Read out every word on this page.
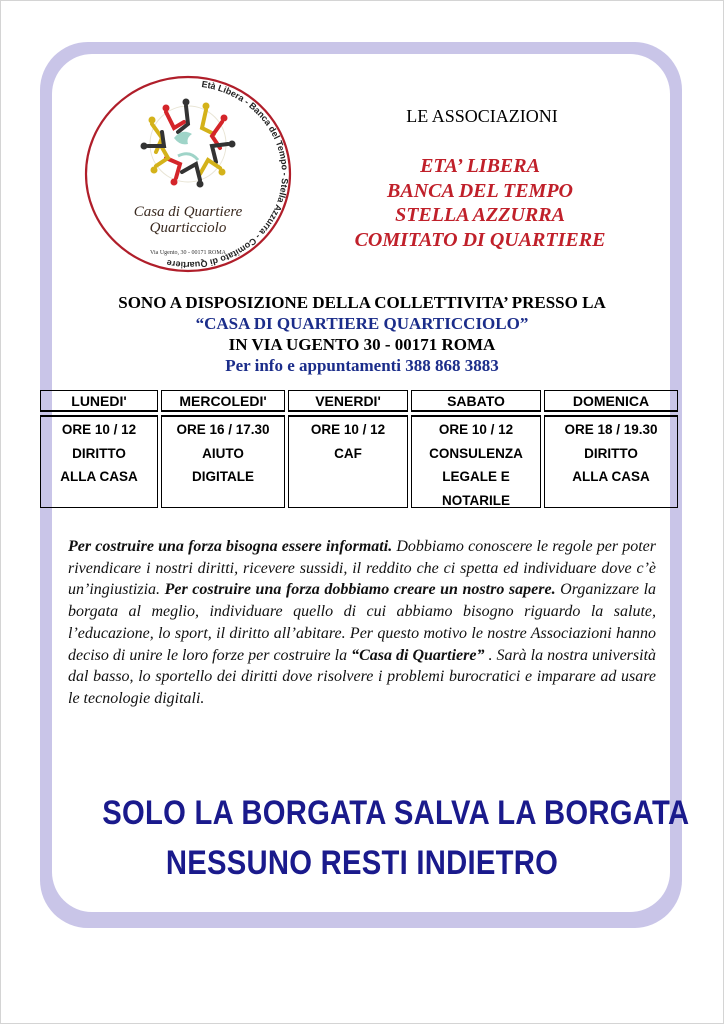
Età Libera - Banca del Tempo - Stella Azzurra - Comitato di Quartiere
Casa di Quartiere
Quarticciolo
Via Ugento, 30 - 00171 ROMA
LE ASSOCIAZIONI
ETA’ LIBERA
BANCA DEL TEMPO
STELLA AZZURRA
COMITATO DI QUARTIERE
SONO A DISPOSIZIONE DELLA COLLETTIVITA’ PRESSO LA
“CASA DI QUARTIERE QUARTICCIOLO”
IN VIA UGENTO 30 - 00171 ROMA
Per info e appuntamenti 388 868 3883
LUNEDI'
ORE 10 / 12
DIRITTO
ALLA CASA
MERCOLEDI'
ORE 16 / 17.30
AIUTO
DIGITALE
VENERDI'
ORE 10 / 12
CAF
SABATO
ORE 10 / 12
CONSULENZA
LEGALE E
NOTARILE
DOMENICA
ORE 18 / 19.30
DIRITTO
ALLA CASA
Per costruire una forza bisogna essere informati. Dobbiamo conoscere le regole per poter rivendicare i nostri diritti, ricevere sussidi, il reddito che ci spetta ed individuare dove c’è un’ingiustizia. Per costruire una forza dobbiamo creare un nostro sapere. Organizzare la borgata al meglio, individuare quello di cui abbiamo bisogno riguardo la salute, l’educazione, lo sport, il diritto all’abitare. Per questo motivo le nostre Associazioni hanno deciso di unire le loro forze per costruire la “Casa di Quartiere” . Sarà la nostra università dal basso, lo sportello dei diritti dove risolvere i problemi burocratici e imparare ad usare le tecnologie digitali.
SOLO LA BORGATA SALVA LA BORGATA
NESSUNO RESTI INDIETRO
